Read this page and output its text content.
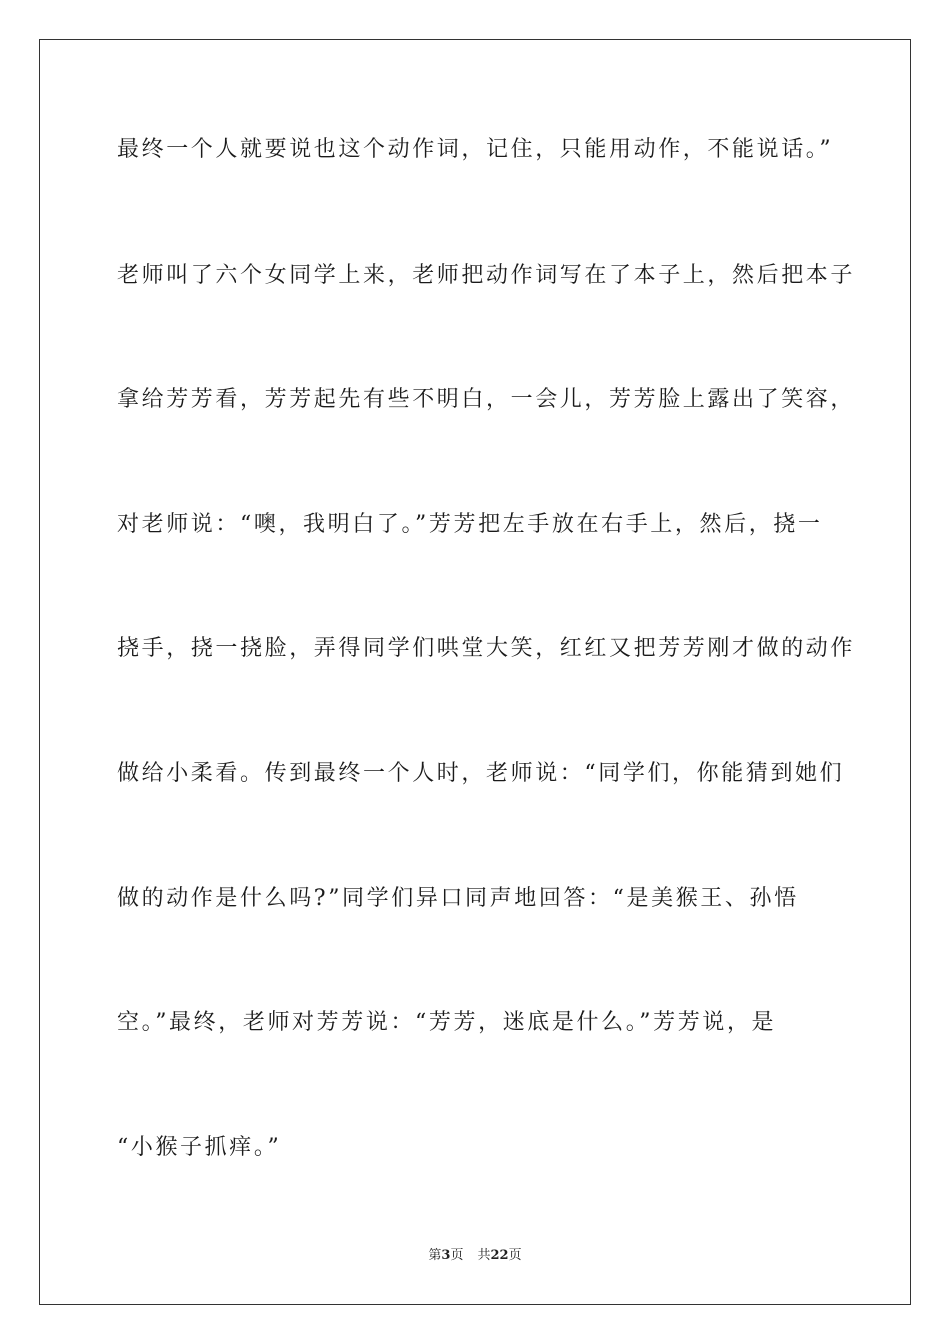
最终一个人就要说也这个动作词，记住，只能用动作，不能说话。”
老师叫了六个女同学上来，老师把动作词写在了本子上，然后把本子
拿给芳芳看，芳芳起先有些不明白，一会儿，芳芳脸上露出了笑容，
对老师说：“噢，我明白了。”芳芳把左手放在右手上，然后，挠一
挠手，挠一挠脸，弄得同学们哄堂大笑，红红又把芳芳刚才做的动作
做给小柔看。传到最终一个人时，老师说：“同学们，你能猜到她们
做的动作是什么吗?”同学们异口同声地回答：“是美猴王、孙悟
空。”最终，老师对芳芳说：“芳芳，迷底是什么。”芳芳说，是
“小猴子抓痒。”
第3页 共22页
